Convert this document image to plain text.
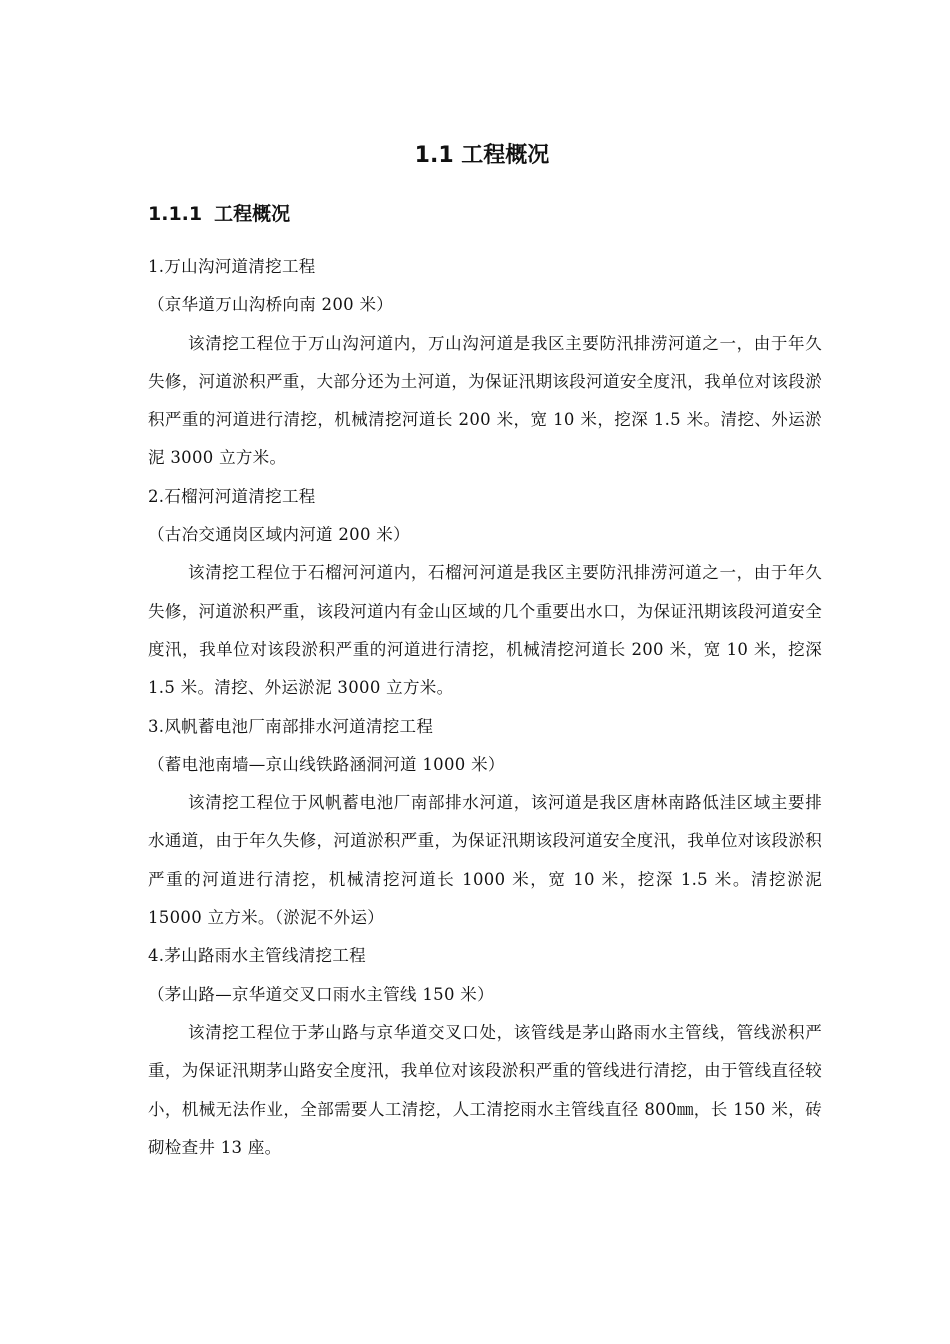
1.1 工程概况
1.1.1 工程概况

1.万山沟河道清挖工程

（京华道万山沟桥向南 200 米）

该清挖工程位于万山沟河道内，万山沟河道是我区主要防汛排涝河道之一，由于年久失修，河道淤积严重，大部分还为土河道，为保证汛期该段河道安全度汛，我单位对该段淤积严重的河道进行清挖，机械清挖河道长 200 米，宽 10 米，挖深 1.5 米。清挖、外运淤泥 3000 立方米。

2.石榴河河道清挖工程

（古冶交通岗区域内河道 200 米）

该清挖工程位于石榴河河道内，石榴河河道是我区主要防汛排涝河道之一，由于年久失修，河道淤积严重，该段河道内有金山区域的几个重要出水口，为保证汛期该段河道安全度汛，我单位对该段淤积严重的河道进行清挖，机械清挖河道长 200 米，宽 10 米，挖深 1.5 米。清挖、外运淤泥 3000 立方米。

3.风帆蓄电池厂南部排水河道清挖工程

（蓄电池南墙—京山线铁路涵洞河道 1000 米）

该清挖工程位于风帆蓄电池厂南部排水河道，该河道是我区唐林南路低洼区域主要排水通道，由于年久失修，河道淤积严重，为保证汛期该段河道安全度汛，我单位对该段淤积严重的河道进行清挖，机械清挖河道长 1000 米，宽 10 米，挖深 1.5 米。清挖淤泥 15000 立方米。（淤泥不外运）

4.茅山路雨水主管线清挖工程

（茅山路—京华道交叉口雨水主管线 150 米）

该清挖工程位于茅山路与京华道交叉口处，该管线是茅山路雨水主管线，管线淤积严重，为保证汛期茅山路安全度汛，我单位对该段淤积严重的管线进行清挖，由于管线直径较小，机械无法作业，全部需要人工清挖，人工清挖雨水主管线直径 800㎜，长 150 米，砖砌检查井 13 座。
